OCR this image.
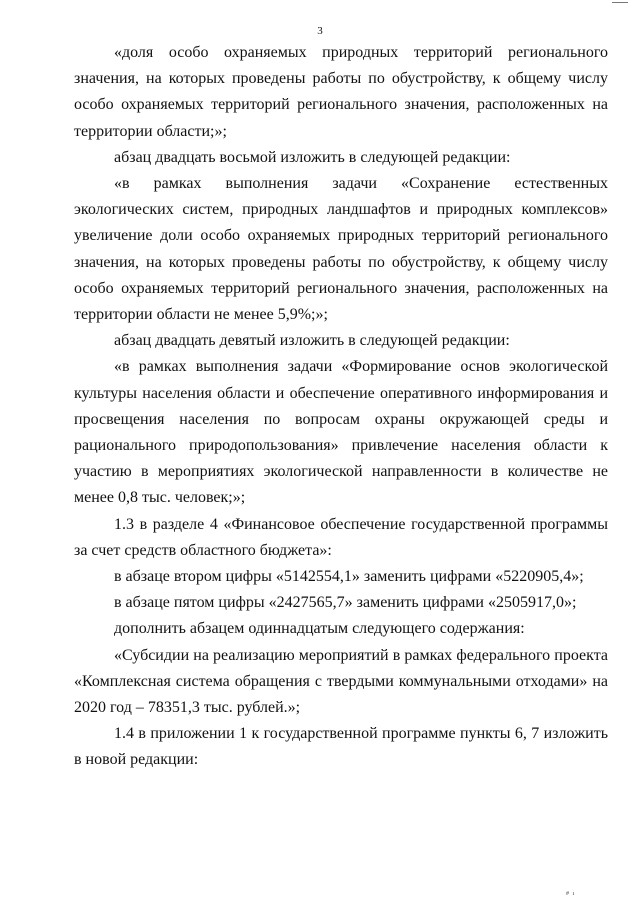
3

«доля особо охраняемых природных территорий регионального значения, на которых проведены работы по обустройству, к общему числу особо охраняемых территорий регионального значения, расположенных на территории области;»;

абзац двадцать восьмой изложить в следующей редакции:

«в рамках выполнения задачи «Сохранение естественных экологических систем, природных ландшафтов и природных комплексов» увеличение доли особо охраняемых природных территорий регионального значения, на которых проведены работы по обустройству, к общему числу особо охраняемых территорий регионального значения, расположенных на территории области не менее 5,9%;»;

абзац двадцать девятый изложить в следующей редакции:

«в рамках выполнения задачи «Формирование основ экологической культуры населения области и обеспечение оперативного информирования и просвещения населения по вопросам охраны окружающей среды и рационального природопользования» привлечение населения области к участию в мероприятиях экологической направленности в количестве не менее 0,8 тыс. человек;»;

1.3 в разделе 4 «Финансовое обеспечение государственной программы за счет средств областного бюджета»:

в абзаце втором цифры «5142554,1» заменить цифрами «5220905,4»;

в абзаце пятом цифры «2427565,7» заменить цифрами «2505917,0»;

дополнить абзацем одиннадцатым следующего содержания:

«Субсидии на реализацию мероприятий в рамках федерального проекта «Комплексная система обращения с твердыми коммунальными отходами» на 2020 год – 78351,3 тыс. рублей.»;

1.4 в приложении 1 к государственной программе пункты 6, 7 изложить в новой редакции:

# ı
